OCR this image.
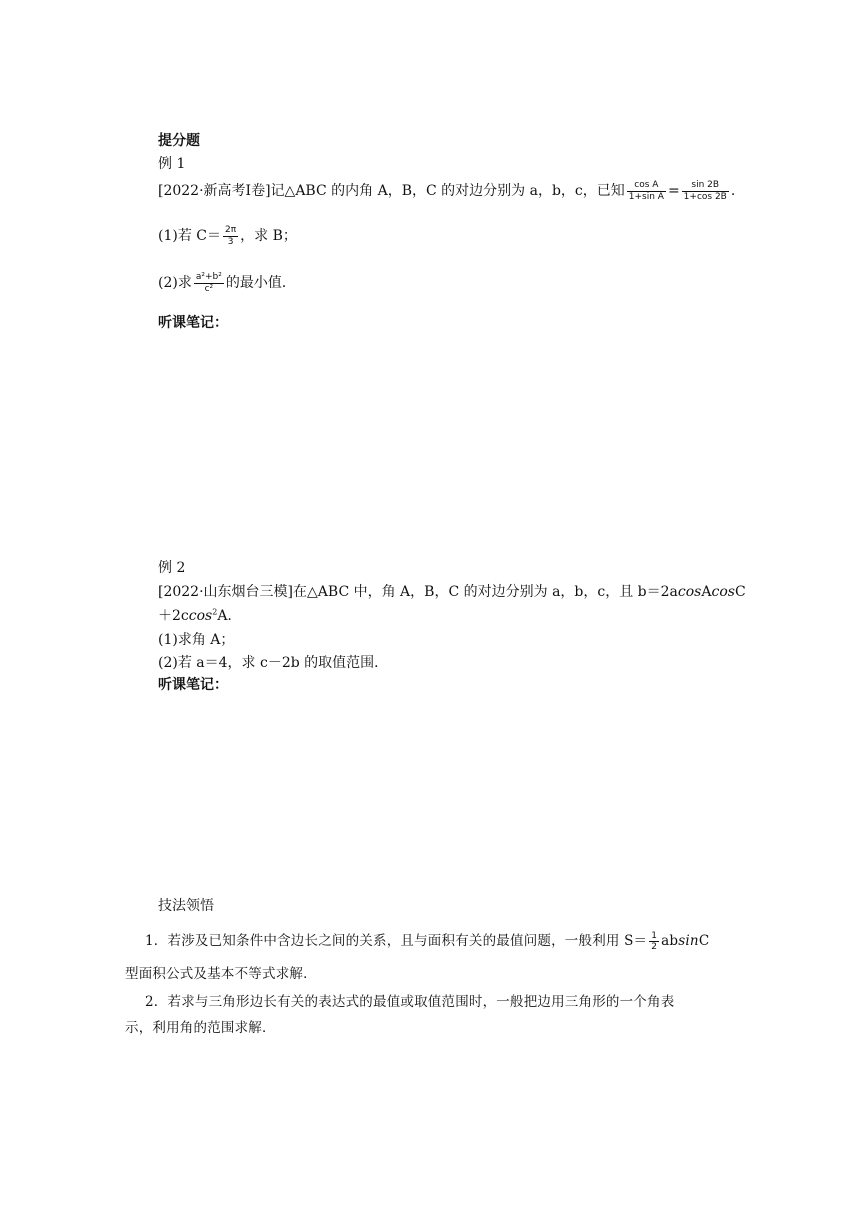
提分题
例 1
[2022·新高考Ⅰ卷]记△ABC 的内角 A，B，C 的对边分别为 a，b，c，已知 $\frac{\text{cos A}}{\text{1+sin A}} = \frac{\sin 2B}{1+\cos 2B}$ .
(1)若 $C= \frac{2\pi}{3}$ ，求 B；
(2)求 $\frac{\text{a²+b²}}{\text{c²}}$ 的最小值．
听课笔记：
例 2
[2022·山东烟台三模]在△ABC 中，角 A，B，C 的对边分别为 a，b，c，且 b＝2acosAcosC
＋2ccos$^2$A.
(1)求角 A；
(2)若 a＝4，求 c－2b 的取值范围．
听课笔记：
技法领悟
1．若涉及已知条件中含边长之间的关系，且与面积有关的最值问题，一般利用 $S= \frac{1}{2}$ absinC
型面积公式及基本不等式求解．
2．若求与三角形边长有关的表达式的最值或取值范围时，一般把边用三角形的一个角表
示，利用角的范围求解．
